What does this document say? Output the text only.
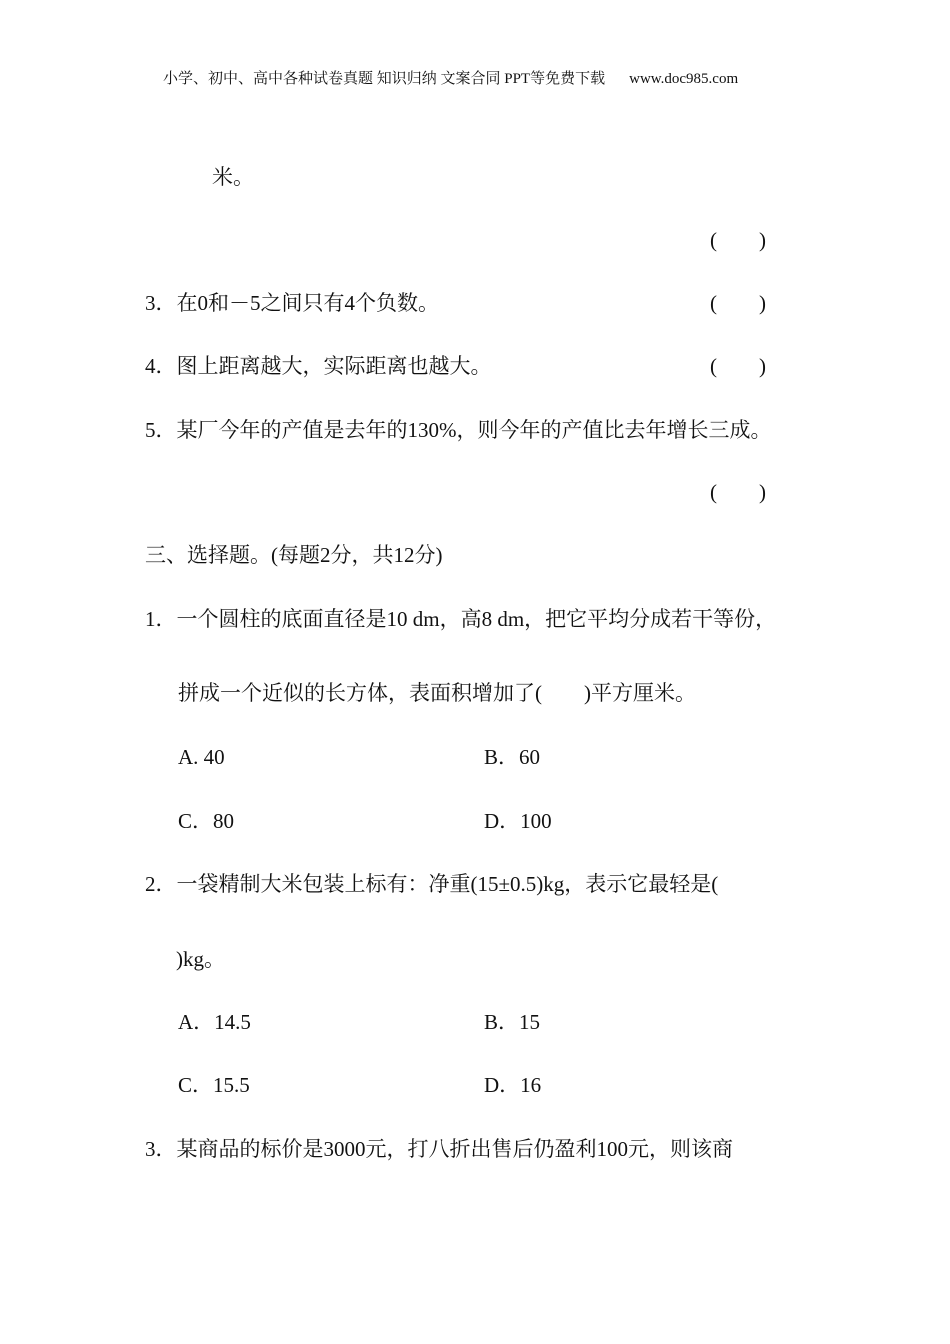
小学、初中、高中各种试卷真题 知识归纳 文案合同 PPT等免费下载 www.doc985.com
米。
(　　)
3．在0和－5之间只有4个负数。	(　　)
4．图上距离越大，实际距离也越大。	(　　)
5．某厂今年的产值是去年的130%，则今年的产值比去年增长三成。
(　　)
三、选择题。(每题2分，共12分)
1．一个圆柱的底面直径是10 dm，高8 dm，把它平均分成若干等份，
拼成一个近似的长方体，表面积增加了(　　)平方厘米。
A. 40	B．60
C．80	D．100
2．一袋精制大米包装上标有：净重(15±0.5)kg，表示它最轻是(
)kg。
A．14.5	B．15
C．15.5	D．16
3．某商品的标价是3000元，打八折出售后仍盈利100元，则该商
